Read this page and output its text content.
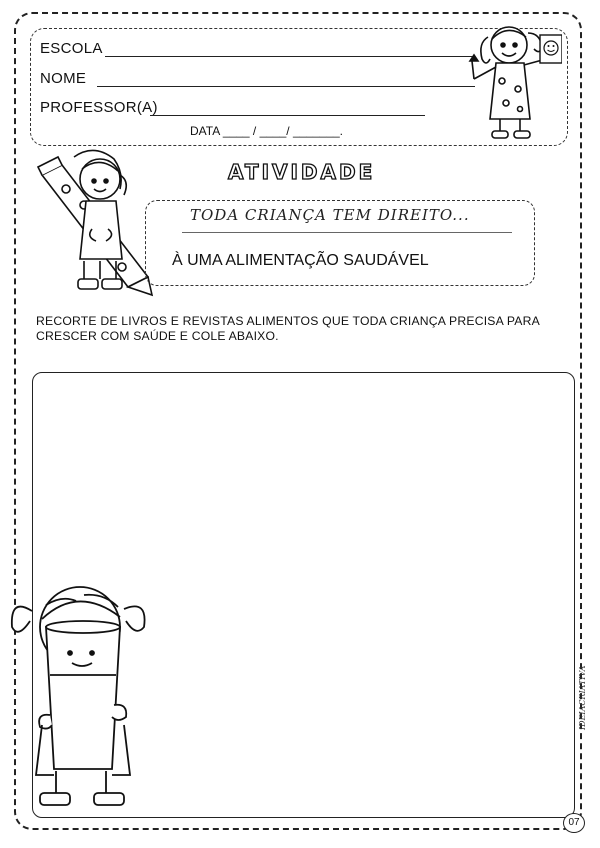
ESCOLA
NOME
PROFESSOR(A)
DATA ____ / ____/ _______.
ATIVIDADE
TODA CRIANÇA TEM DIREITO...
À UMA ALIMENTAÇÃO SAUDÁVEL
RECORTE DE LIVROS E REVISTAS ALIMENTOS QUE TODA CRIANÇA PRECISA PARA CRESCER COM SAÚDE E COLE ABAIXO.
IDEIACRIATIVA
07
